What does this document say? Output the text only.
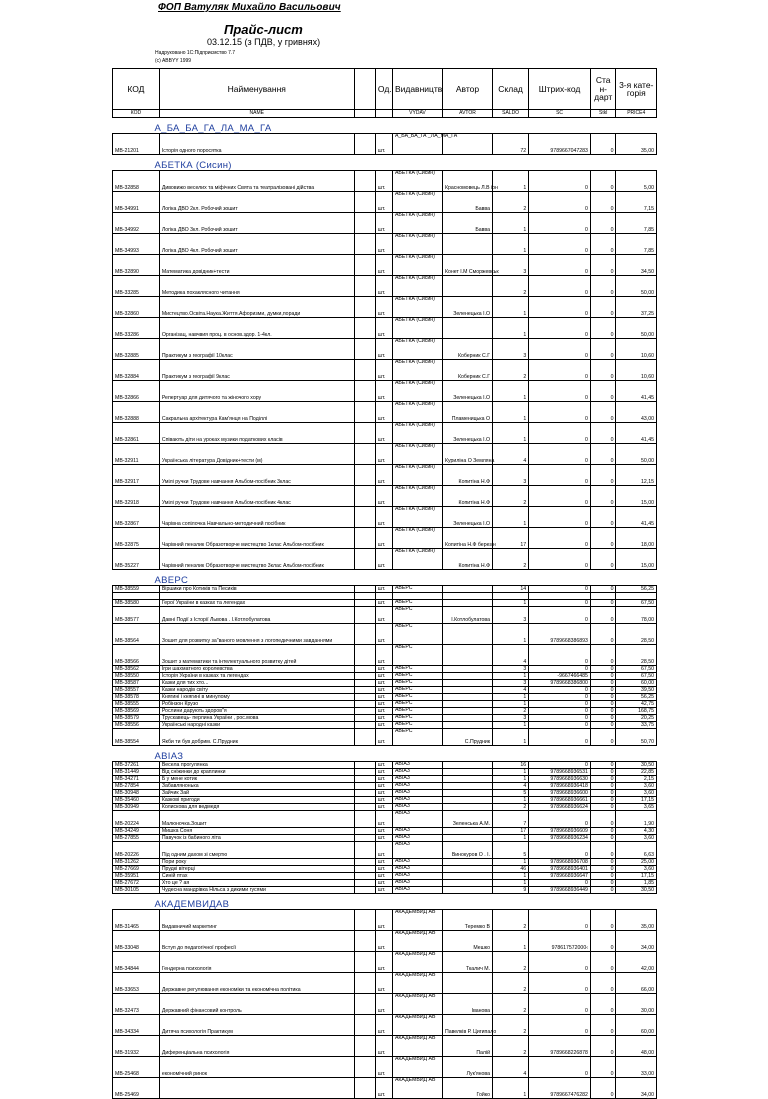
ФОП Ватуляк Михайло Васильович
Прайс-лист
03.12.15 (з ПДВ, у гривнях)
Надруковано 1С:Підприємство 7.7
(c) ABBYY 1999
КОД	Найменування		Од.	Видавництв	Автор	Склад	Штрих-код	Ста н- дарт	3-я кате- горія
КОD	NAME			VYDAV	AVTOR	SALDO	SC	Stkl	PRICE4

А_БА_БА_ГА_ЛА_МА_ГА									
МВ-21201	Історія одного поросятка		шт.	А_БА_БА_ГА _ЛА_МА_ГА		72	9789667047283	0	35,00

АБЕТКА (Сисин)									
МВ-32858	Дивовижо веселих та міфічних Свята та театралізовані дійства		шт.	АБЕТКА (Сисин)	Красномовець Л.В іон	1	0	0	5,00
МВ-34991	Логіка ДВО 2кл. Робочий зошит		шт.	АБЕТКА (Сисин)	Бавва	2	0	0	7,15
МВ-34992	Логіка ДВО 3кл. Робочий зошит		шт.	АБЕТКА (Сисин)	Бавва	1	0	0	7,85
МВ-34993	Логіка ДВО 4кл. Робочий зошит		шт.	АБЕТКА (Сисин)		1	0	0	7,85
МВ-32890	Математика довідник+тести		шт.	АБЕТКА (Сисин)	Конет І.М Сморжевськ	3	0	0	34,50
МВ-33285	Методика похаклясного читання		шт.	АБЕТКА (Сисин)		2	0	0	50,00
МВ-32860	Мистецтво.Освіта.Наука.Життя.Афоризми, думки,поради		шт.	АБЕТКА (Сисин)	Зеленецька І.О	1	0	0	37,25
МВ-33286	Організац, навчвия проц. в основ.здор. 1-4кл.		шт.	АБЕТКА (Сисин)		1	0	0	50,00
МВ-32885	Практикум з географії 10клас		шт.	АБЕТКА (Сисин)	Коберник С.Г	3	0	0	10,60
МВ-32884	Практикум з географії 9клас		шт.	АБЕТКА (Сисин)	Коберник С.Г	2	0	0	10,60
МВ-32866	Репертуар для дитячого та жіночого хору		шт.	АБЕТКА (Сисин)	Зеленецька І.О	1	0	0	41,45
МВ-32888	Сакральна архітектура Кам'янця на Поділлі		шт.	АБЕТКА (Сисин)	Пламеницька О	1	0	0	43,00
МВ-32861	Співають діти на уроках музики податкових класів		шт.	АБЕТКА (Сисин)	Зеленецька І.О	1	0	0	41,45
МВ-32911	Українська література Довідник+тести (м)		шт.	АБЕТКА (Сисин)	Куриліна О Земляна	4	0	0	50,00
МВ-32917	Умілі ручки Трудове навчання Альбом-посібник 3клас		шт.	АБЕТКА (Сисин)	Копитіна Н.Ф	3	0	0	12,15
МВ-32918	Умілі ручки Трудове навчання Альбом-посібник 4клас		шт.	АБЕТКА (Сисин)	Копитіна Н.Ф	2	0	0	15,00
МВ-32867	Чарівна сопілочка Навчально-методичний посібник		шт.	АБЕТКА (Сисин)	Зеленецька І.О	1	0	0	41,45
МВ-32875	Чарівний пензлик Образотворче мистецтво 1клас Альбом-посібник		шт.	АБЕТКА (Сисин)	Копитіна Н.Ф березін	17	0	0	18,00
МВ-35227	Чарівний пензлик Образотворче мистецтво 3клас Альбом-посібник		шт.	АБЕТКА (Сисин)	Копитіна Н.Ф	2	0	0	15,00

АВЕРС									
МВ-38559	Віршики про Котиків та Песиків		шт.	АВЕРС		14	0	0	56,25

МВ-38580	Герої України в казках та легендах		шт.	АВЕРС		1	0	0	67,50
МВ-38577	Давні Події з Історії Львова . І.Котлобулатова		шт.	АВЕРС	І.Котлобулатова	3	0	0	78,00
МВ-38564	Зошит для розвитку за"ваного мовлення з логопедичними завданнями		шт.	АВЕРС		1	9789668386893	0	28,50
МВ-38566	Зошит з математики та інтелектуального розвитку дітей		шт.	АВЕРС		4	0	0	28,50
МВ-38562	Ігри шахматного королевства		шт.	АВЕРС		3	0	0	67,50
МВ-38550	Історія України в казках та легендах		шт.	АВЕРС		1	-9667466485	0	67,50
МВ-38587	Казки для тих хто...		шт.	АВЕРС		3	9789668386800	0	60,00
МВ-38557	Казки народів світу		шт.	АВЕРС		4	0	0	39,50
МВ-38578	Княгині і княгині в минулому		шт.	АВЕРС		1	0	0	56,25
МВ-38555	Робінзон Крузо		шт.	АВЕРС		1	0	0	42,75
МВ-38569	Рослини дарують здоров"я		шт.	АВЕРС		2	0	0	168,75
МВ-38579	Трускавець- перлина України , рос.мова		шт.	АВЕРС		3	0	0	20,25
МВ-38556	Українські народні казки		шт.	АВЕРС		1	0	0	33,75
МВ-38554	Якби ти був добрим. С.Прудник		шт.	АВЕРС	С.Прудник	1	0	0	50,70

АВІАЗ									
МВ-37261	Весела прогулянка		шт.	АВІАЗ		16	0	0	30,50
МВ-31449	Від сніжинки до краплинки		шт.	АВІАЗ		1	9789668936531	0	22,85
МВ-34271	Б у мене котик		шт.	АВІАЗ		1	9789668936630	0	2,15
МВ-27854	Забавлянонька		шт.	АВІАЗ		4	9789668936418	0	3,60
МВ-30948	Зайчик Зай		шт.	АВІАЗ		5	9789668936600	0	3,60
МВ-35460	Казкові пригоди		шт.	АВІАЗ		1	9789668936661	0	17,15
МВ-30949	Колискова для ведмедя		шт.	АВІАЗ		2	9789668936624	0	3,65
МВ-20224	Малюночка.Зошит		шт.	АВІАЗ	Зеленська А.М.	7	0	0	1,90
МВ-34249	Мишка Соня		шт.	АВІАЗ		17	9789668936609	0	4,30
МВ-27855	Павучок із бабиного літа		шт.	АВІАЗ		1	9789668936234	0	3,60
МВ-20226	Під одним дахом зі смертю		шт.	АВІАЗ	Винокуров О . І.	5	0	0	6,63
МВ-31262	Пори року		шт.	АВІАЗ		1	9789668936708	0	25,00
МВ-27669	Прудкі вітерці		шт.	АВІАЗ		46	9789668936401	0	3,60
МВ-35951	Синій птах		шт.	АВІАЗ		1	9789668936647	0	17,15
МВ-27672	Хто це ? ая		шт.	АВІАЗ		1	0	0	1,85
МВ-30105	Чудесна мандрівка Нільса з дикими гусями		шт.	АВІАЗ		9	9789668936449	0	30,50

АКАДЕМВИДАВ									
МВ-31465	Видавничий маркетинг		шт.	АКАДЕМВИД АВ	Теремко В	2	0	0	35,00
МВ-33048	Вступ до педагогічної професії		шт.	АКАДЕМВИД АВ	Мешко	1	978617572000‹	0	34,00
МВ-34844	Гендерна психологія		шт.	АКАДЕМВИД АВ	Ткалич М.	2	0	0	42,00
МВ-33653	Державне регулювання економіки та економічна політика		шт.	АКАДЕМВИД АВ		2	0	0	66,00
МВ-32473	Державний фінансовий контроль		шт.	АКАДЕМВИД АВ	Іванова	2	0	0	30,00
МВ-34334	Дитяча психологія Практикум		шт.	АКАДЕМВИД АВ	Павелків Р. Цигипало	2	0	0	60,00
МВ-31932	Диференціальна психологія		шт.	АКАДЕМВИД АВ	Палій	2	9789668226878	0	48,00
МВ-25468	економічний ринок		шт.	АКАДЕМВИД АВ	Лук'янова	4	0	0	33,00
МВ-25469			шт.	АКАДЕМВИД АВ	Гойко	1	9789667476282	0	34,00
